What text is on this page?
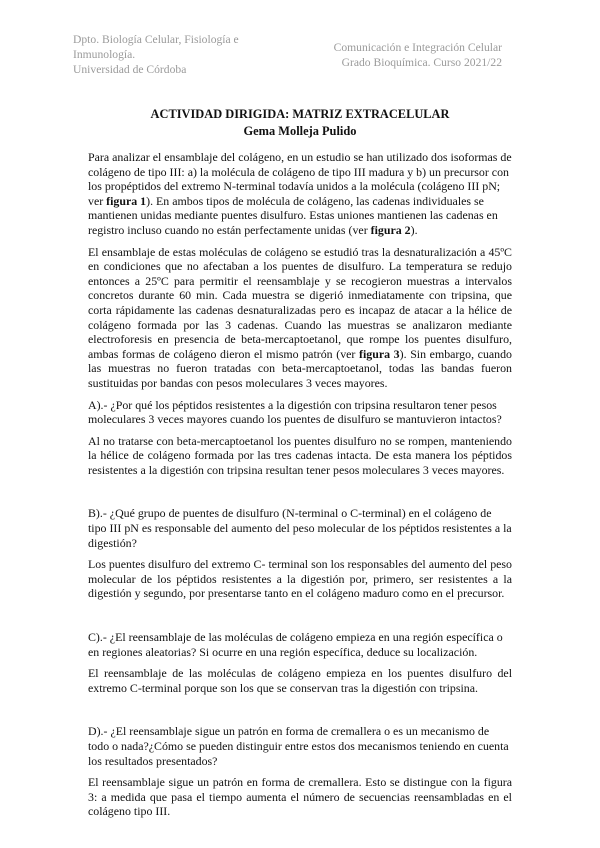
Dpto. Biología Celular, Fisiología e
Inmunología.
Universidad de Córdoba
Comunicación e Integración Celular
Grado Bioquímica. Curso 2021/22
ACTIVIDAD DIRIGIDA: MATRIZ EXTRACELULAR
Gema Molleja Pulido

Para analizar el ensamblaje del colágeno, en un estudio se han utilizado dos isoformas de colágeno de tipo III: a) la molécula de colágeno de tipo III madura y b) un precursor con los propéptidos del extremo N-terminal todavía unidos a la molécula (colágeno III pN; ver figura 1). En ambos tipos de molécula de colágeno, las cadenas individuales se mantienen unidas mediante puentes disulfuro. Estas uniones mantienen las cadenas en registro incluso cuando no están perfectamente unidas (ver figura 2).

El ensamblaje de estas moléculas de colágeno se estudió tras la desnaturalización a 45ºC en condiciones que no afectaban a los puentes de disulfuro. La temperatura se redujo entonces a 25ºC para permitir el reensamblaje y se recogieron muestras a intervalos concretos durante 60 min. Cada muestra se digerió inmediatamente con tripsina, que corta rápidamente las cadenas desnaturalizadas pero es incapaz de atacar a la hélice de colágeno formada por las 3 cadenas. Cuando las muestras se analizaron mediante electroforesis en presencia de beta-mercaptoetanol, que rompe los puentes disulfuro, ambas formas de colágeno dieron el mismo patrón (ver figura 3). Sin embargo, cuando las muestras no fueron tratadas con beta-mercaptoetanol, todas las bandas fueron sustituidas por bandas con pesos moleculares 3 veces mayores.

A).- ¿Por qué los péptidos resistentes a la digestión con tripsina resultaron tener pesos moleculares 3 veces mayores cuando los puentes de disulfuro se mantuvieron intactos?

Al no tratarse con beta-mercaptoetanol los puentes disulfuro no se rompen, manteniendo la hélice de colágeno formada por las tres cadenas intacta. De esta manera los péptidos resistentes a la digestión con tripsina resultan tener pesos moleculares 3 veces mayores.

B).- ¿Qué grupo de puentes de disulfuro (N-terminal o C-terminal) en el colágeno de tipo III pN es responsable del aumento del peso molecular de los péptidos resistentes a la digestión?

Los puentes disulfuro del extremo C- terminal son los responsables del aumento del peso molecular de los péptidos resistentes a la digestión por, primero, ser resistentes a la digestión y segundo, por presentarse tanto en el colágeno maduro como en el precursor.

C).- ¿El reensamblaje de las moléculas de colágeno empieza en una región específica o en regiones aleatorias? Si ocurre en una región específica, deduce su localización.

El reensamblaje de las moléculas de colágeno empieza en los puentes disulfuro del extremo C-terminal porque son los que se conservan tras la digestión con tripsina.

D).- ¿El reensamblaje sigue un patrón en forma de cremallera o es un mecanismo de todo o nada?¿Cómo se pueden distinguir entre estos dos mecanismos teniendo en cuenta los resultados presentados?

El reensamblaje sigue un patrón en forma de cremallera. Esto se distingue con la figura 3: a medida que pasa el tiempo aumenta el número de secuencias reensambladas en el colágeno tipo III.
